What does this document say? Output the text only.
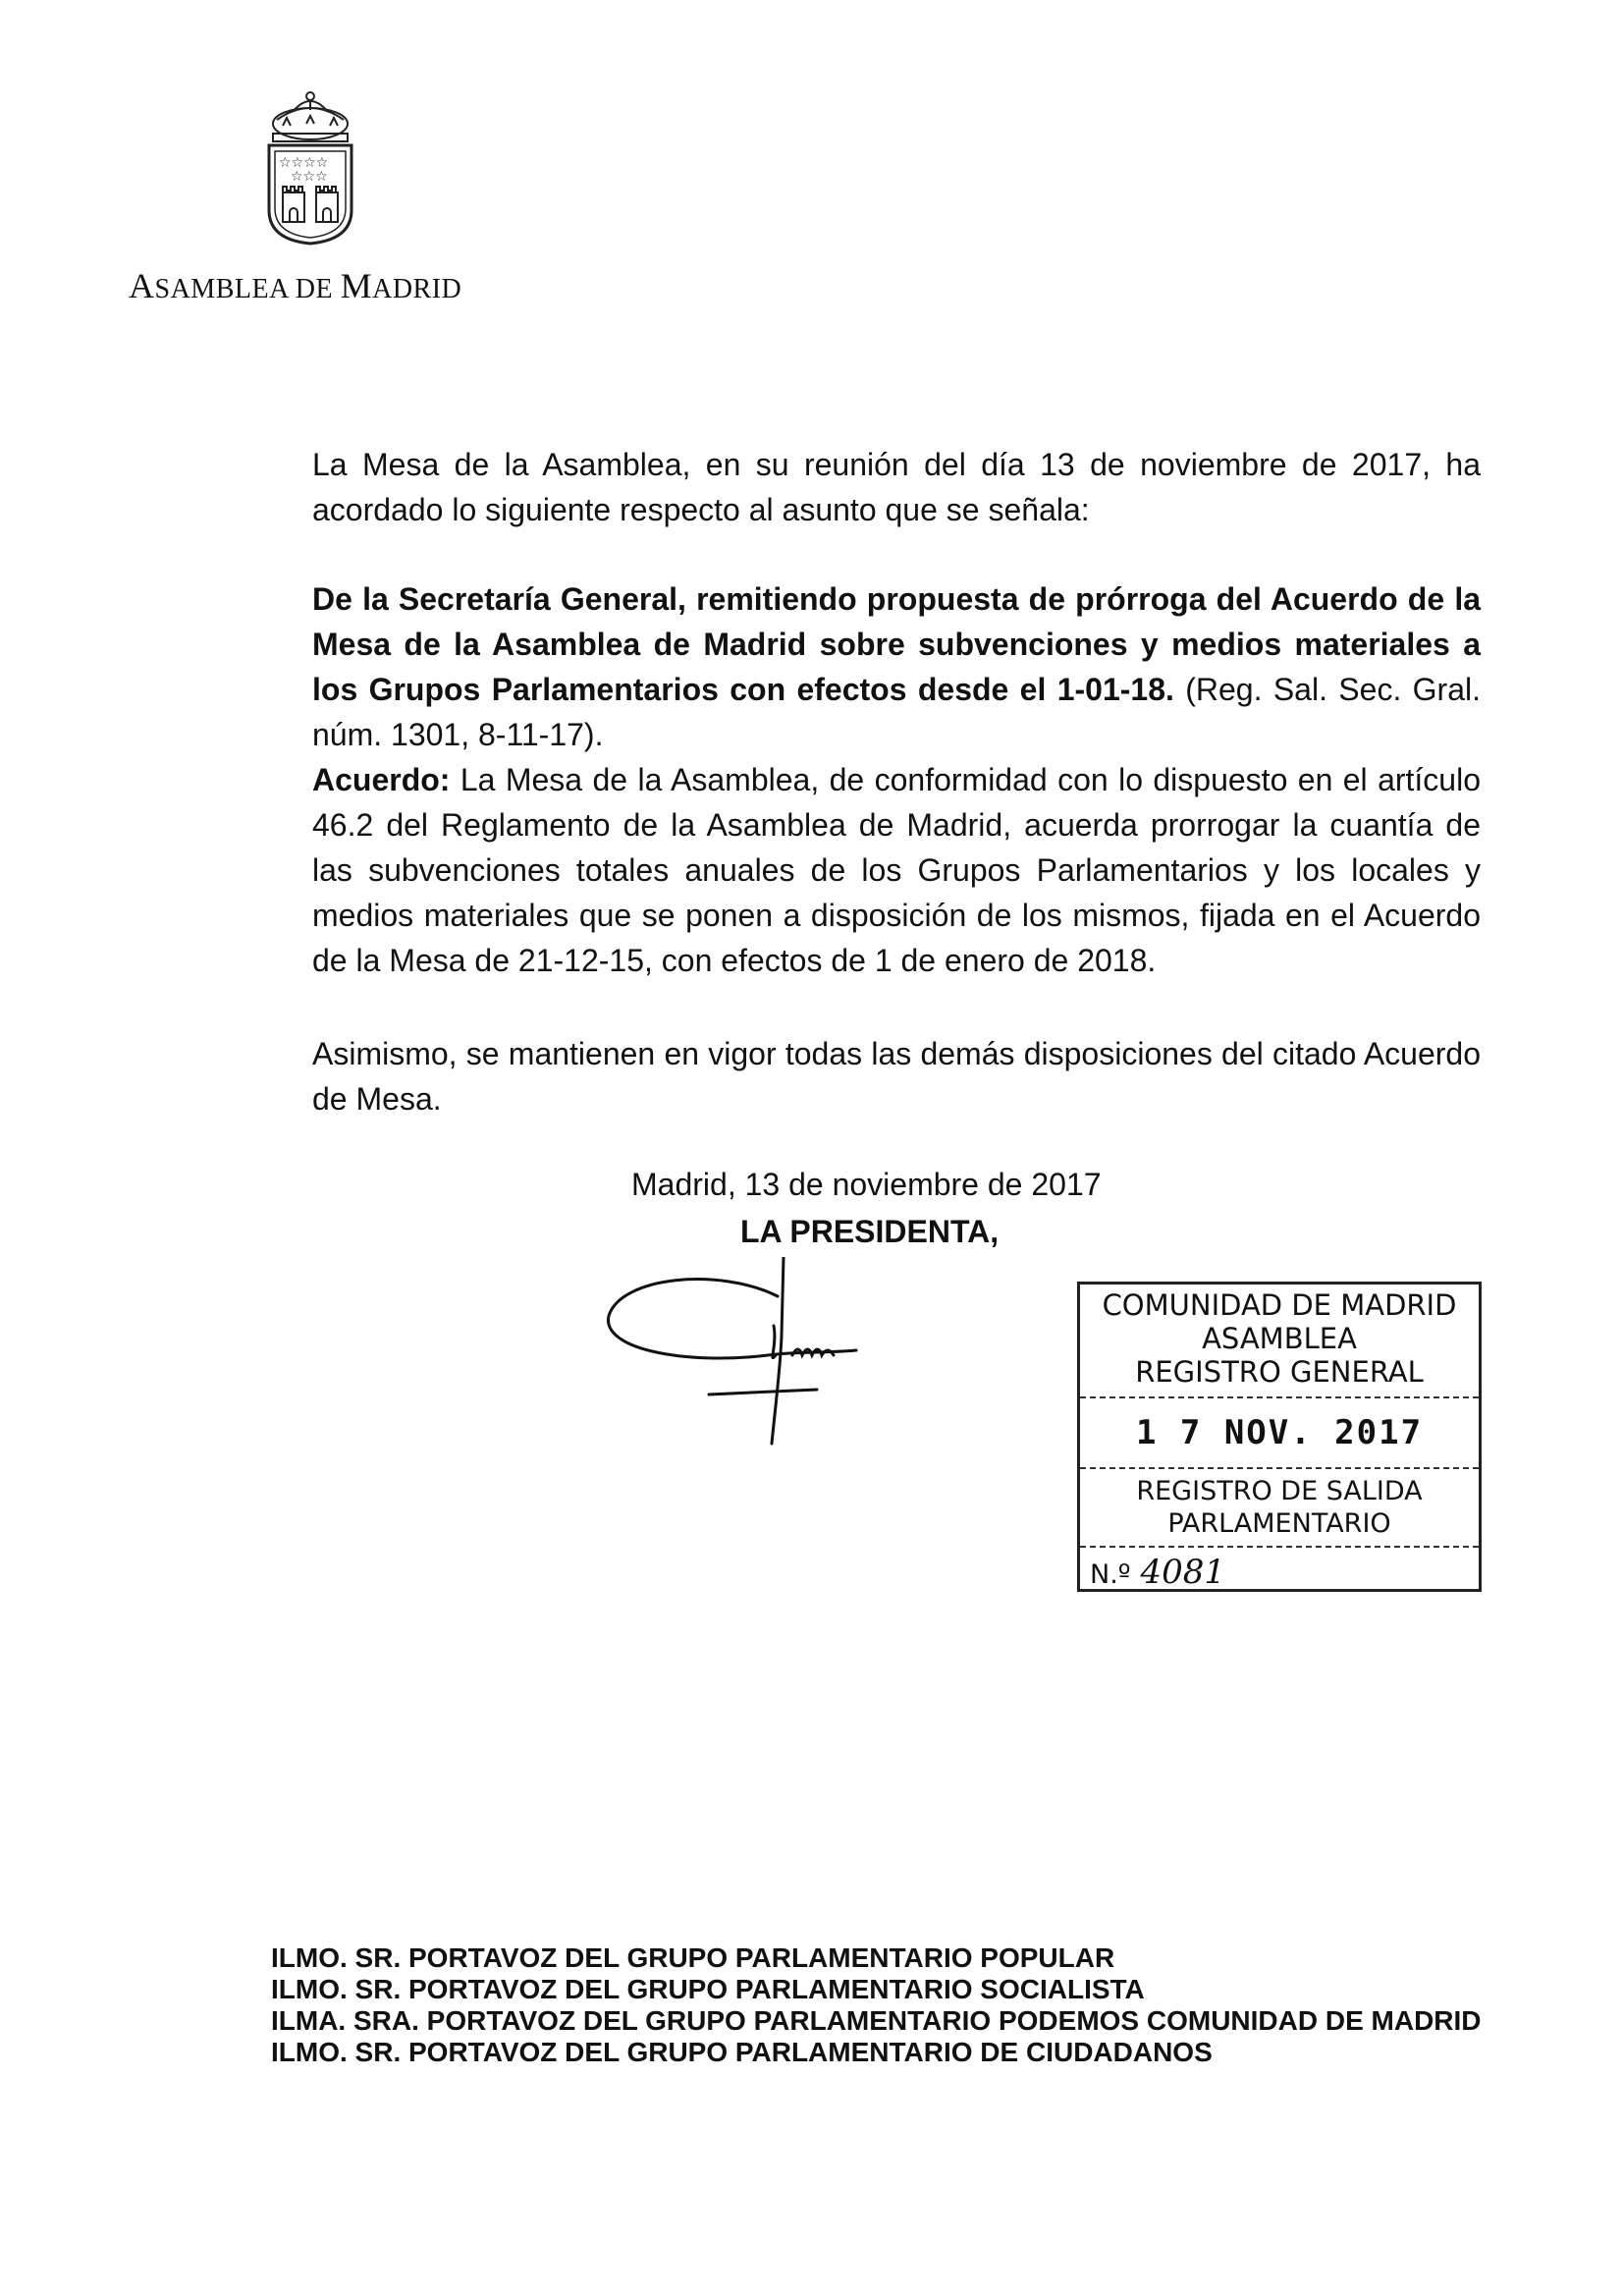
☆☆☆☆
☆☆☆
ASAMBLEA DE MADRID
La Mesa de la Asamblea, en su reunión del día 13 de noviembre de 2017, ha acordado lo siguiente respecto al asunto que se señala:
De la Secretaría General, remitiendo propuesta de prórroga del Acuerdo de la Mesa de la Asamblea de Madrid sobre subvenciones y medios materiales a los Grupos Parlamentarios con efectos desde el 1-01-18. (Reg. Sal. Sec. Gral. núm. 1301, 8-11-17).
Acuerdo: La Mesa de la Asamblea, de conformidad con lo dispuesto en el artículo 46.2 del Reglamento de la Asamblea de Madrid, acuerda prorrogar la cuantía de las subvenciones totales anuales de los Grupos Parlamentarios y los locales y medios materiales que se ponen a disposición de los mismos, fijada en el Acuerdo de la Mesa de 21-12-15, con efectos de 1 de enero de 2018.
Asimismo, se mantienen en vigor todas las demás disposiciones del citado Acuerdo de Mesa.
Madrid, 13 de noviembre de 2017
LA PRESIDENTA,
COMUNIDAD DE MADRID
ASAMBLEA
REGISTRO GENERAL
1 7 NOV. 2017
REGISTRO DE SALIDA
PARLAMENTARIO
N.º 4081
ILMO. SR. PORTAVOZ DEL GRUPO PARLAMENTARIO POPULAR
ILMO. SR. PORTAVOZ DEL GRUPO PARLAMENTARIO SOCIALISTA
ILMA. SRA. PORTAVOZ DEL GRUPO PARLAMENTARIO PODEMOS COMUNIDAD DE MADRID
ILMO. SR. PORTAVOZ DEL GRUPO PARLAMENTARIO DE CIUDADANOS
